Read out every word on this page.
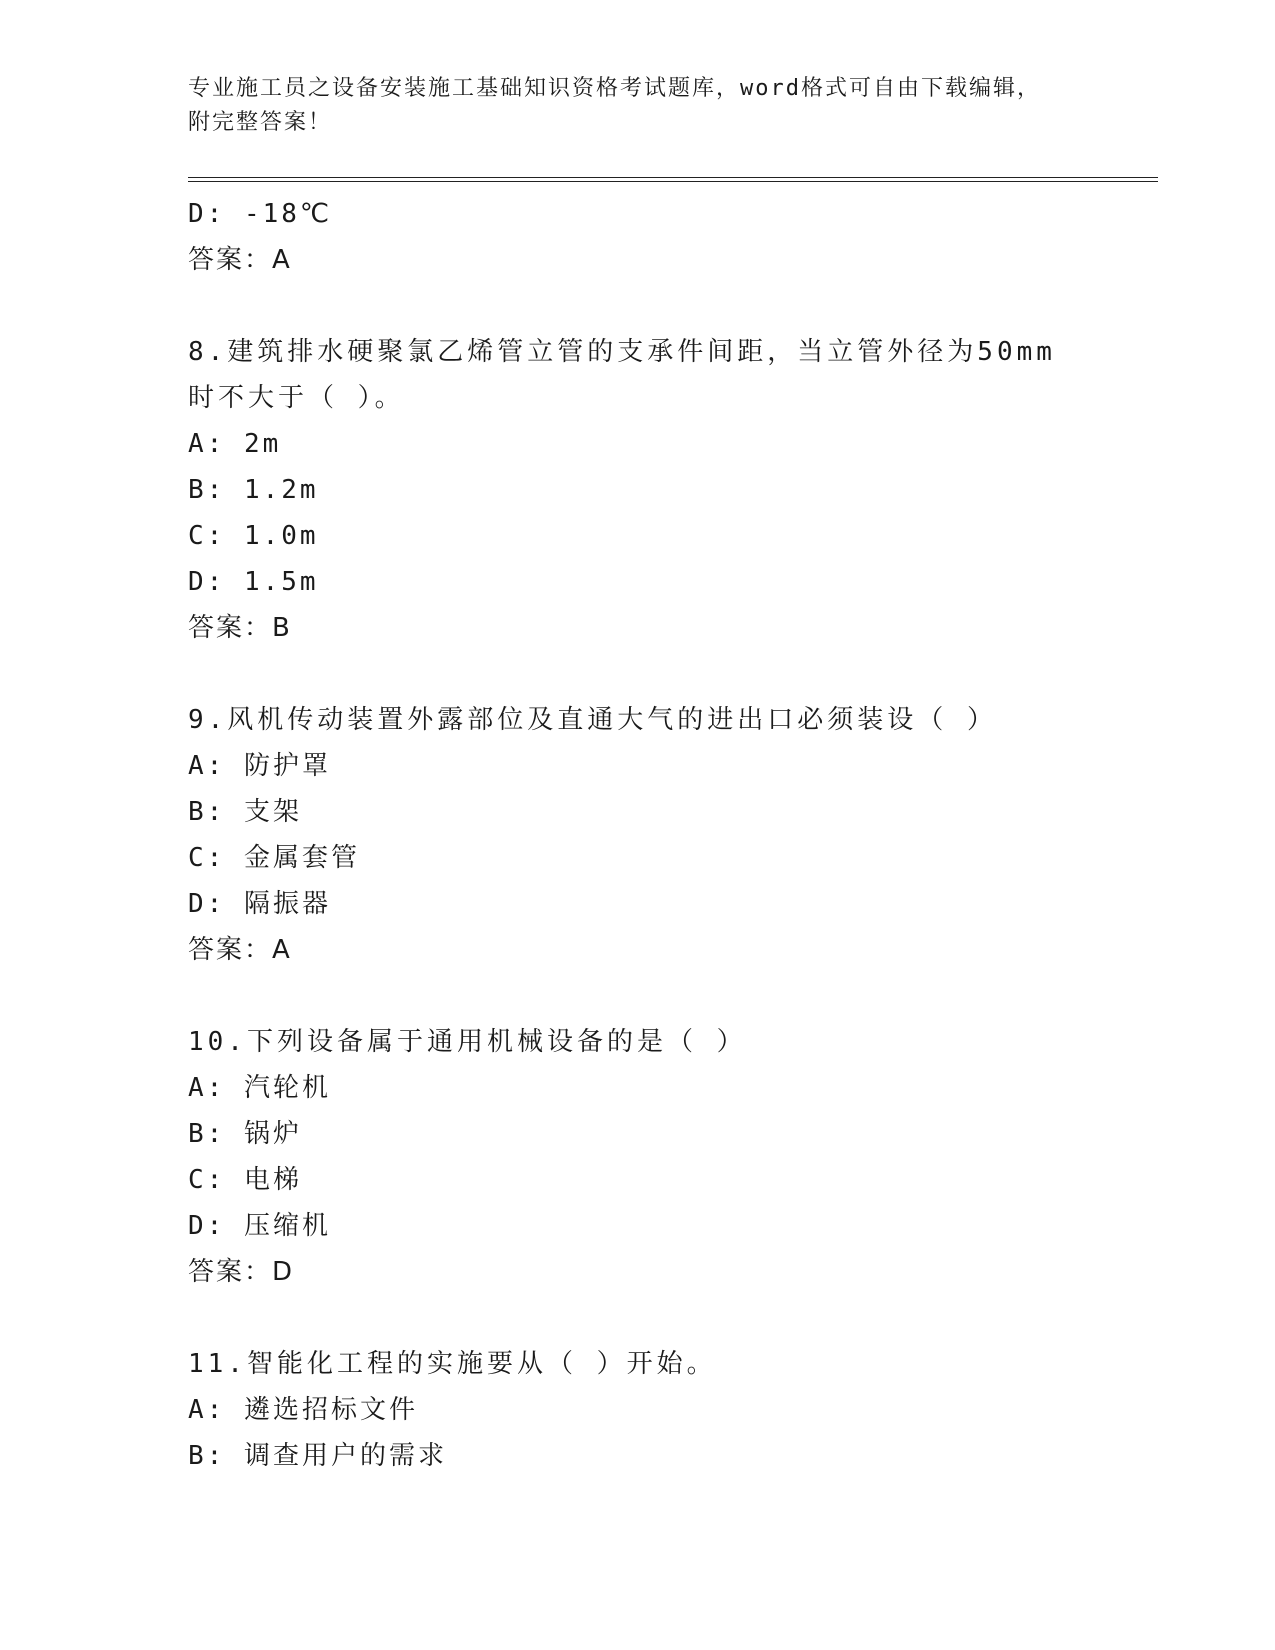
专业施工员之设备安装施工基础知识资格考试题库，word格式可自由下载编辑，
附完整答案！
D: -18℃
答案：A
8.建筑排水硬聚氯乙烯管立管的支承件间距，当立管外径为50mm时不大于（ ）。
A: 2m
B: 1.2m
C: 1.0m
D: 1.5m
答案：B
9.风机传动装置外露部位及直通大气的进出口必须装设（ ）
A: 防护罩
B: 支架
C: 金属套管
D: 隔振器
答案：A
10.下列设备属于通用机械设备的是（ ）
A: 汽轮机
B: 锅炉
C: 电梯
D: 压缩机
答案：D
11.智能化工程的实施要从（ ）开始。
A: 遴选招标文件
B: 调查用户的需求
